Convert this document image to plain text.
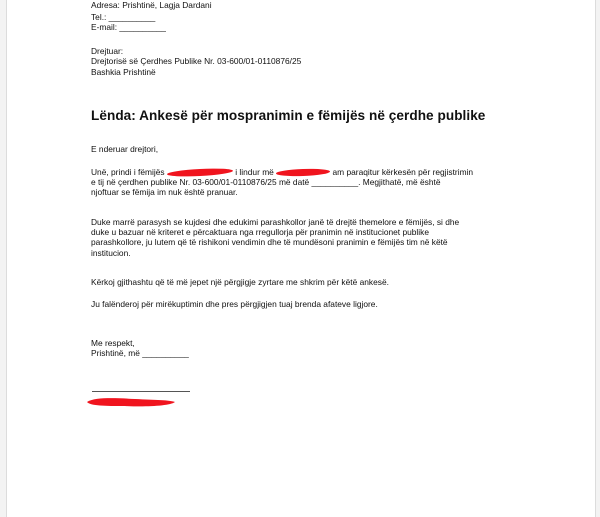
Adresa: Prishtinë, Lagja Dardani
Tel.: __________
E-mail: __________
Drejtuar:
Drejtorisë së Çerdhes Publike Nr. 03-600/01-0110876/25
Bashkia Prishtinë
Lënda: Ankesë për mospranimin e fëmijës në çerdhe publike
E nderuar drejtori,
Unë, prindi i fëmijës	i lindur më	am paraqitur kërkesën për regjistrimin
e tij në çerdhen publike Nr. 03-600/01-0110876/25 më datë __________. Megjithatë, më është
njoftuar se fëmija im nuk është pranuar.
Duke marrë parasysh se kujdesi dhe edukimi parashkollor janë të drejtë themelore e fëmijës, si dhe
duke u bazuar në kriteret e përcaktuara nga rregullorja për pranimin në institucionet publike
parashkollore, ju lutem që të rishikoni vendimin dhe të mundësoni pranimin e fëmijës tim në këtë
institucion.
Kërkoj gjithashtu që të më jepet një përgjigje zyrtare me shkrim për këtë ankesë.
Ju falënderoj për mirëkuptimin dhe pres përgjigjen tuaj brenda afateve ligjore.
Me respekt,
Prishtinë, më __________
